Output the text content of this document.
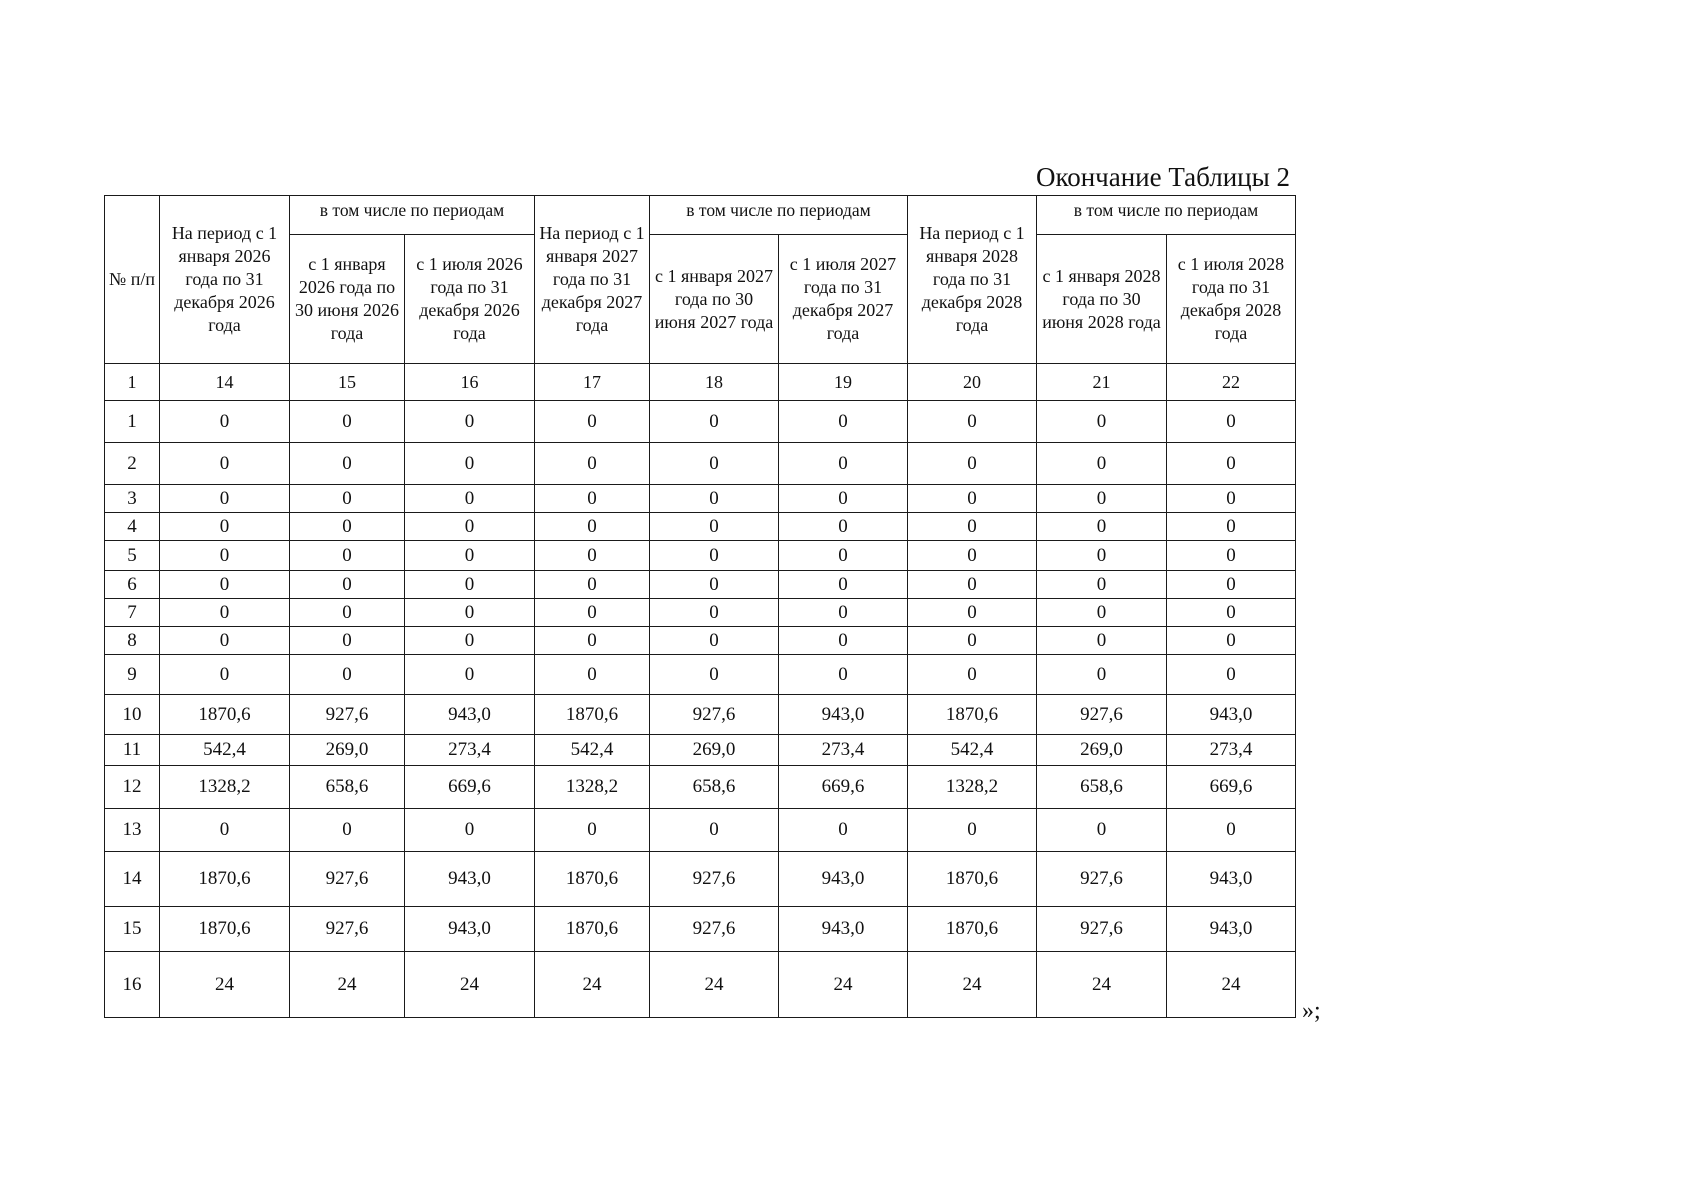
Окончание Таблицы 2
№ п/п	На период с 1 января 2026 года по 31 декабря 2026 года	в том числе по периодам		На период с 1 января 2027 года по 31 декабря 2027 года	в том числе по периодам		На период с 1 января 2028 года по 31 декабря 2028 года	в том числе по периодам	
		с 1 января 2026 года по 30 июня 2026 года	с 1 июля 2026 года по 31 декабря 2026 года		с 1 января 2027 года по 30 июня 2027 года	с 1 июля 2027 года по 31 декабря 2027 года		с 1 января 2028 года по 30 июня 2028 года	с 1 июля 2028 года по 31 декабря 2028 года
1	14	15	16	17	18	19	20	21	22
1	0	0	0	0	0	0	0	0	0
2	0	0	0	0	0	0	0	0	0
3	0	0	0	0	0	0	0	0	0
4	0	0	0	0	0	0	0	0	0
5	0	0	0	0	0	0	0	0	0
6	0	0	0	0	0	0	0	0	0
7	0	0	0	0	0	0	0	0	0
8	0	0	0	0	0	0	0	0	0
9	0	0	0	0	0	0	0	0	0
10	1870,6	927,6	943,0	1870,6	927,6	943,0	1870,6	927,6	943,0
11	542,4	269,0	273,4	542,4	269,0	273,4	542,4	269,0	273,4
12	1328,2	658,6	669,6	1328,2	658,6	669,6	1328,2	658,6	669,6
13	0	0	0	0	0	0	0	0	0
14	1870,6	927,6	943,0	1870,6	927,6	943,0	1870,6	927,6	943,0
15	1870,6	927,6	943,0	1870,6	927,6	943,0	1870,6	927,6	943,0
16	24	24	24	24	24	24	24	24	24
»;
